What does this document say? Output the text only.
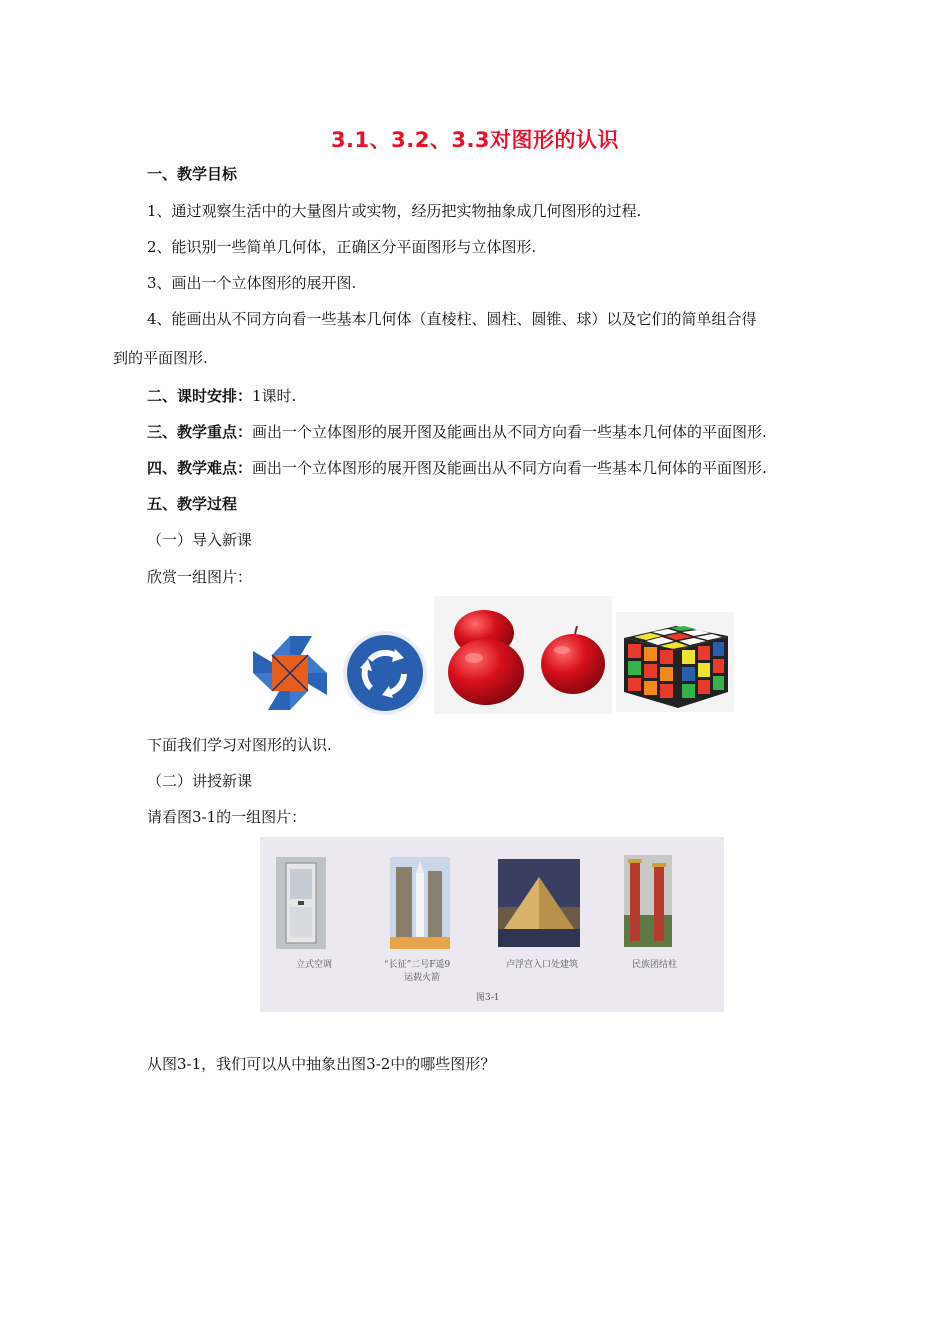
3.1、3.2、3.3对图形的认识
一、教学目标
1、通过观察生活中的大量图片或实物，经历把实物抽象成几何图形的过程.
2、能识别一些简单几何体，正确区分平面图形与立体图形.
3、画出一个立体图形的展开图.
4、能画出从不同方向看一些基本几何体（直棱柱、圆柱、圆锥、球）以及它们的简单组合得
到的平面图形.
二、课时安排：1课时.
三、教学重点：画出一个立体图形的展开图及能画出从不同方向看一些基本几何体的平面图形.
四、教学难点：画出一个立体图形的展开图及能画出从不同方向看一些基本几何体的平面图形.
五、教学过程
（一）导入新课
欣赏一组图片：
下面我们学习对图形的认识.
（二）讲授新课
请看图3-1的一组图片：
立式空调	“长征”二号F遥9
运载火箭
卢浮宫入口处建筑	民族团结柱
图3-1
从图3-1，我们可以从中抽象出图3-2中的哪些图形？
